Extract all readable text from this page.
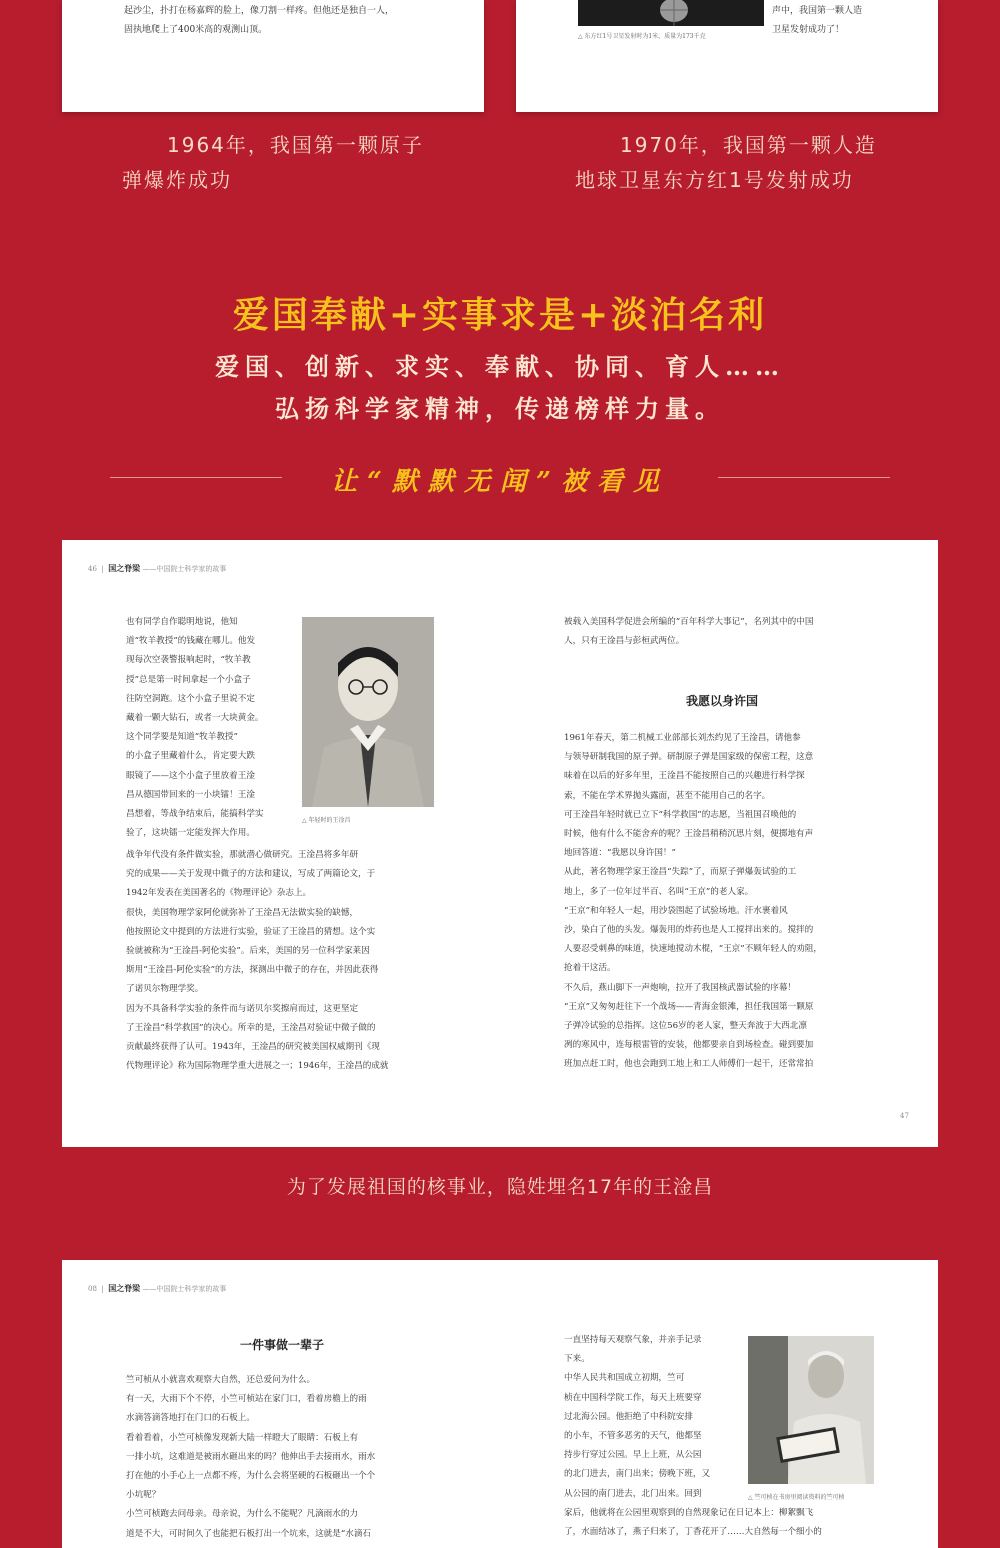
起沙尘，扑打在杨嘉辉的脸上，像刀割一样疼。但他还是独自一人，
固执地爬上了400米高的观测山顶。
△ 东方红1号卫星发射时为1米，质量为173千克
声中，我国第一颗人造
卫星发射成功了！
1964年，我国第一颗原子
弹爆炸成功
1970年，我国第一颗人造
地球卫星东方红1号发射成功
爱国奉献+实事求是+淡泊名利
爱国、创新、求实、奉献、协同、育人……
弘扬科学家精神，传递榜样力量。
让“默默无闻”被看见
46  |  国之脊梁 ——中国院士科学家的故事
也有同学自作聪明地说，他知
道“牧羊教授”的钱藏在哪儿。他发
现每次空袭警报响起时，“牧羊教
授”总是第一时间拿起一个小盒子
往防空洞跑。这个小盒子里说不定
藏着一颗大钻石，或者一大块黄金。
这个同学要是知道“牧羊教授”
的小盒子里藏着什么，肯定要大跌
眼镜了——这个小盒子里放着王淦
昌从德国带回来的一小块镭！王淦
昌想着，等战争结束后，能搞科学实
验了，这块镭一定能发挥大作用。
△ 年轻时的王淦昌
战争年代没有条件做实验，那就潜心做研究。王淦昌将多年研
究的成果——关于发现中微子的方法和建议，写成了两篇论文，于
1942年发表在美国著名的《物理评论》杂志上。
很快，美国物理学家阿伦就弥补了王淦昌无法做实验的缺憾，
他按照论文中提到的方法进行实验，验证了王淦昌的猜想。这个实
验就被称为“王淦昌-阿伦实验”。后来，美国的另一位科学家莱因
斯用“王淦昌-阿伦实验”的方法，探测出中微子的存在，并因此获得
了诺贝尔物理学奖。
因为不具备科学实验的条件而与诺贝尔奖擦肩而过，这更坚定
了王淦昌“科学救国”的决心。所幸的是，王淦昌对验证中微子做的
贡献最终获得了认可。1943年，王淦昌的研究被美国权威期刊《现
代物理评论》称为国际物理学重大进展之一；1946年，王淦昌的成就
被载入美国科学促进会所编的“百年科学大事记”，名列其中的中国
人，只有王淦昌与彭桓武两位。
我愿以身许国
1961年春天，第二机械工业部部长刘杰约见了王淦昌，请他参
与领导研制我国的原子弹。研制原子弹是国家级的保密工程，这意
味着在以后的好多年里，王淦昌不能按照自己的兴趣进行科学探
索，不能在学术界抛头露面，甚至不能用自己的名字。
可王淦昌年轻时就已立下“科学救国”的志愿，当祖国召唤他的
时候，他有什么不能舍弃的呢？王淦昌稍稍沉思片刻，便掷地有声
地回答道：“我愿以身许国！”
从此，著名物理学家王淦昌“失踪”了，而原子弹爆轰试验的工
地上，多了一位年过半百、名叫“王京”的老人家。
“王京”和年轻人一起，用沙袋围起了试验场地。汗水裹着风
沙，染白了他的头发。爆轰用的炸药也是人工搅拌出来的。搅拌的
人要忍受刺鼻的味道，快速地搅动木棍，“王京”不顾年轻人的劝阻，
抢着干这活。
不久后，燕山脚下一声炮响，拉开了我国核武器试验的序幕！
“王京”又匆匆赶往下一个战场——青海金银滩，担任我国第一颗原
子弹冷试验的总指挥。这位56岁的老人家，整天奔波于大西北凛
冽的寒风中，连每根雷管的安装，他都要亲自到场检查。碰到要加
班加点赶工时，他也会跑到工地上和工人师傅们一起干，还常常拍
47
为了发展祖国的核事业，隐姓埋名17年的王淦昌
08  |  国之脊梁 ——中国院士科学家的故事
一件事做一辈子
竺可桢从小就喜欢观察大自然，还总爱问为什么。
有一天，大雨下个不停，小竺可桢站在家门口，看着房檐上的雨
水滴答滴答地打在门口的石板上。
看着看着，小竺可桢像发现新大陆一样瞪大了眼睛：石板上有
一排小坑，这难道是被雨水砸出来的吗？他伸出手去接雨水，雨水
打在他的小手心上一点都不疼，为什么会将坚硬的石板砸出一个个
小坑呢？
小竺可桢跑去问母亲。母亲说，为什么不能呢？凡滴雨水的力
道是不大，可时间久了也能把石板打出一个坑来，这就是“水滴石
一直坚持每天观察气象，并亲手记录
下来。
中华人民共和国成立初期，竺可
桢在中国科学院工作，每天上班要穿
过北海公园。他拒绝了中科院安排
的小车，不管多恶劣的天气，他都坚
持步行穿过公园。早上上班，从公园
的北门进去，南门出来；傍晚下班，又
从公园的南门进去，北门出来。回到
家后，他就将在公园里观察到的自然现象记在日记本上：柳絮飘飞
了，水面结冰了，燕子归来了，丁香花开了……大自然每一个细小的
△ 竺可桢在书房里阅读资料的竺可桢
